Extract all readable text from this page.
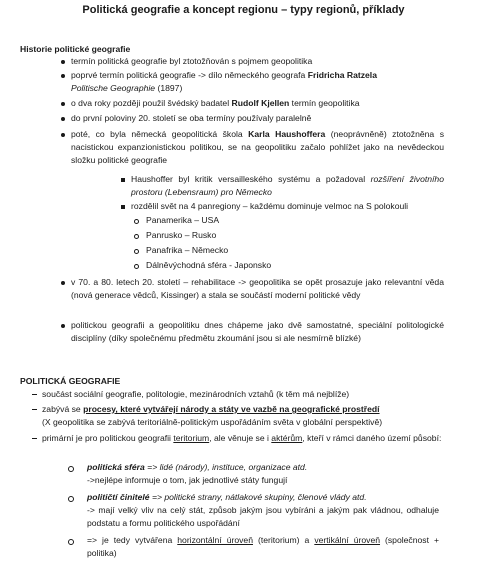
Politická geografie a koncept regionu – typy regionů, příklady
Historie politické geografie
termín politická geografie byl ztotožňován s pojmem geopolitika
poprvé termín politická geografie -> dílo německého geografa Fridricha Ratzela
Politische Geographie (1897)
o dva roky později použil švédský badatel Rudolf Kjellen termín geopolitika
do první poloviny 20. století se oba termíny používaly paralelně
poté, co byla německá geopolitická škola Karla Haushoffera (neoprávněně) ztotožněna s nacistickou expanzionistickou politikou, se na geopolitiku začalo pohlížet jako na nevědeckou složku politické geografie
Haushoffer byl kritik versailleského systému a požadoval rozšíření životního prostoru (Lebensraum) pro Německo
rozdělil svět na 4 panregiony – každému dominuje velmoc na S polokouli
Panamerika – USA
Panrusko – Rusko
Panafrika – Německo
Dálněvýchodná sféra - Japonsko
v 70. a 80. letech 20. století – rehabilitace -> geopolitika se opět prosazuje jako relevantní věda (nová generace vědců, Kissinger) a stala se součástí moderní politické vědy
politickou geografii a geopolitiku dnes chápeme jako dvě samostatné, speciální politologické disciplíny (díky společnému předmětu zkoumání jsou si ale nesmírně blízké)
POLITICKÁ GEOGRAFIE
součást sociální geografie, politologie, mezinárodních vztahů (k těm má nejblíže)
zabývá se procesy, které vytvářejí národy a státy ve vazbě na geografické prostředí
(X geopolitika se zabývá teritoriálně-politickým uspořádáním světa v globální perspektivě)
primární je pro politickou geografii teritorium, ale věnuje se i aktérům, kteří v rámci daného území působí:
politická sféra => lidé (národy), instituce, organizace atd.
->nejlépe informuje o tom, jak jednotlivé státy fungují
političtí činitelé => politické strany, nátlakové skupiny, členové vlády atd.
-> mají velký vliv na celý stát, způsob jakým jsou vybíráni a jakým pak vládnou, odhaluje podstatu a formu politického uspořádání
=> je tedy vytvářena horizontální úroveň (teritorium) a vertikální úroveň (společnost + politika)
